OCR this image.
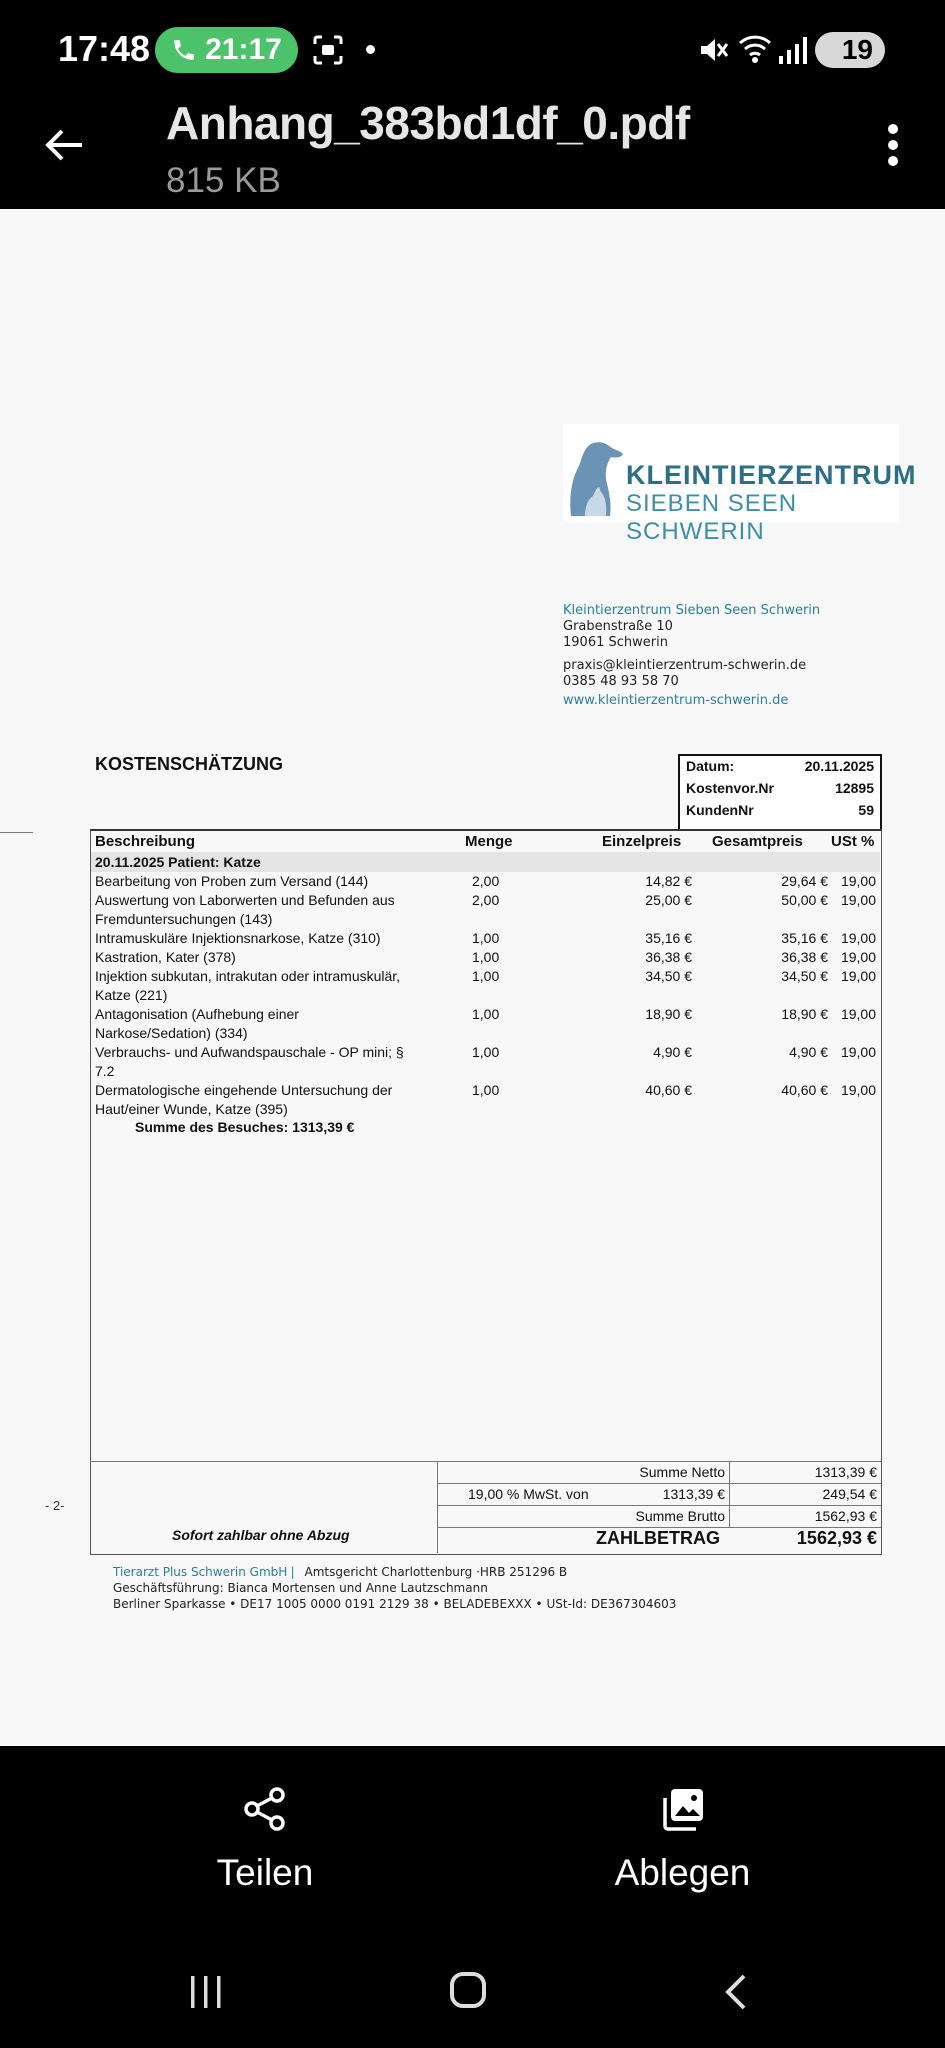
17:48 21:17	19
Anhang_383bd1df_0.pdf
815 KB
KLEINTIERZENTRUM
SIEBEN SEEN SCHWERIN
Kleintierzentrum Sieben Seen Schwerin
Grabenstraße 10
19061 Schwerin
praxis@kleintierzentrum-schwerin.de
0385 48 93 58 70
www.kleintierzentrum-schwerin.de
KOSTENSCHÄTZUNG	Datum:	20.11.2025
Kostenvor.Nr	12895
KundenNr	59
Beschreibung	Menge	Einzelpreis Gesamtpreis USt %
20.11.2025 Patient: Katze
Bearbeitung von Proben zum Versand (144)	2,00	14,82 €	29,64 € 19,00
Auswertung von Laborwerten und Befunden aus
Fremduntersuchungen (143)
2,00	25,00 €	50,00 € 19,00
Intramuskuläre Injektionsnarkose, Katze (310)	1,00	35,16 €	35,16 € 19,00
Kastration, Kater (378)	1,00	36,38 €	36,38 € 19,00
Injektion subkutan, intrakutan oder intramuskulär,
Katze (221)
1,00	34,50 €	34,50 € 19,00
Antagonisation (Aufhebung einer
Narkose/Sedation) (334)
1,00	18,90 €	18,90 € 19,00
Verbrauchs- und Aufwandspauschale - OP mini; §
7.2
1,00	4,90 €	4,90 € 19,00
Dermatologische eingehende Untersuchung der
Haut/einer Wunde, Katze (395)
1,00	40,60 €	40,60 € 19,00
Summe des Besuches: 1313,39 €
Summe Netto	1313,39 €
19,00 % MwSt. von	1313,39 €	249,54 €
Summe Brutto	1562,93 €
ZAHLBETRAG	1562,93 €
Sofort zahlbar ohne Abzug
- 2-
Tierarzt Plus Schwerin GmbH | Amtsgericht Charlottenburg ·HRB 251296 B
Geschäftsführung: Bianca Mortensen und Anne Lautzschmann
Berliner Sparkasse • DE17 1005 0000 0191 2129 38 • BELADEBEXXX • USt-Id: DE367304603
Teilen	Ablegen
